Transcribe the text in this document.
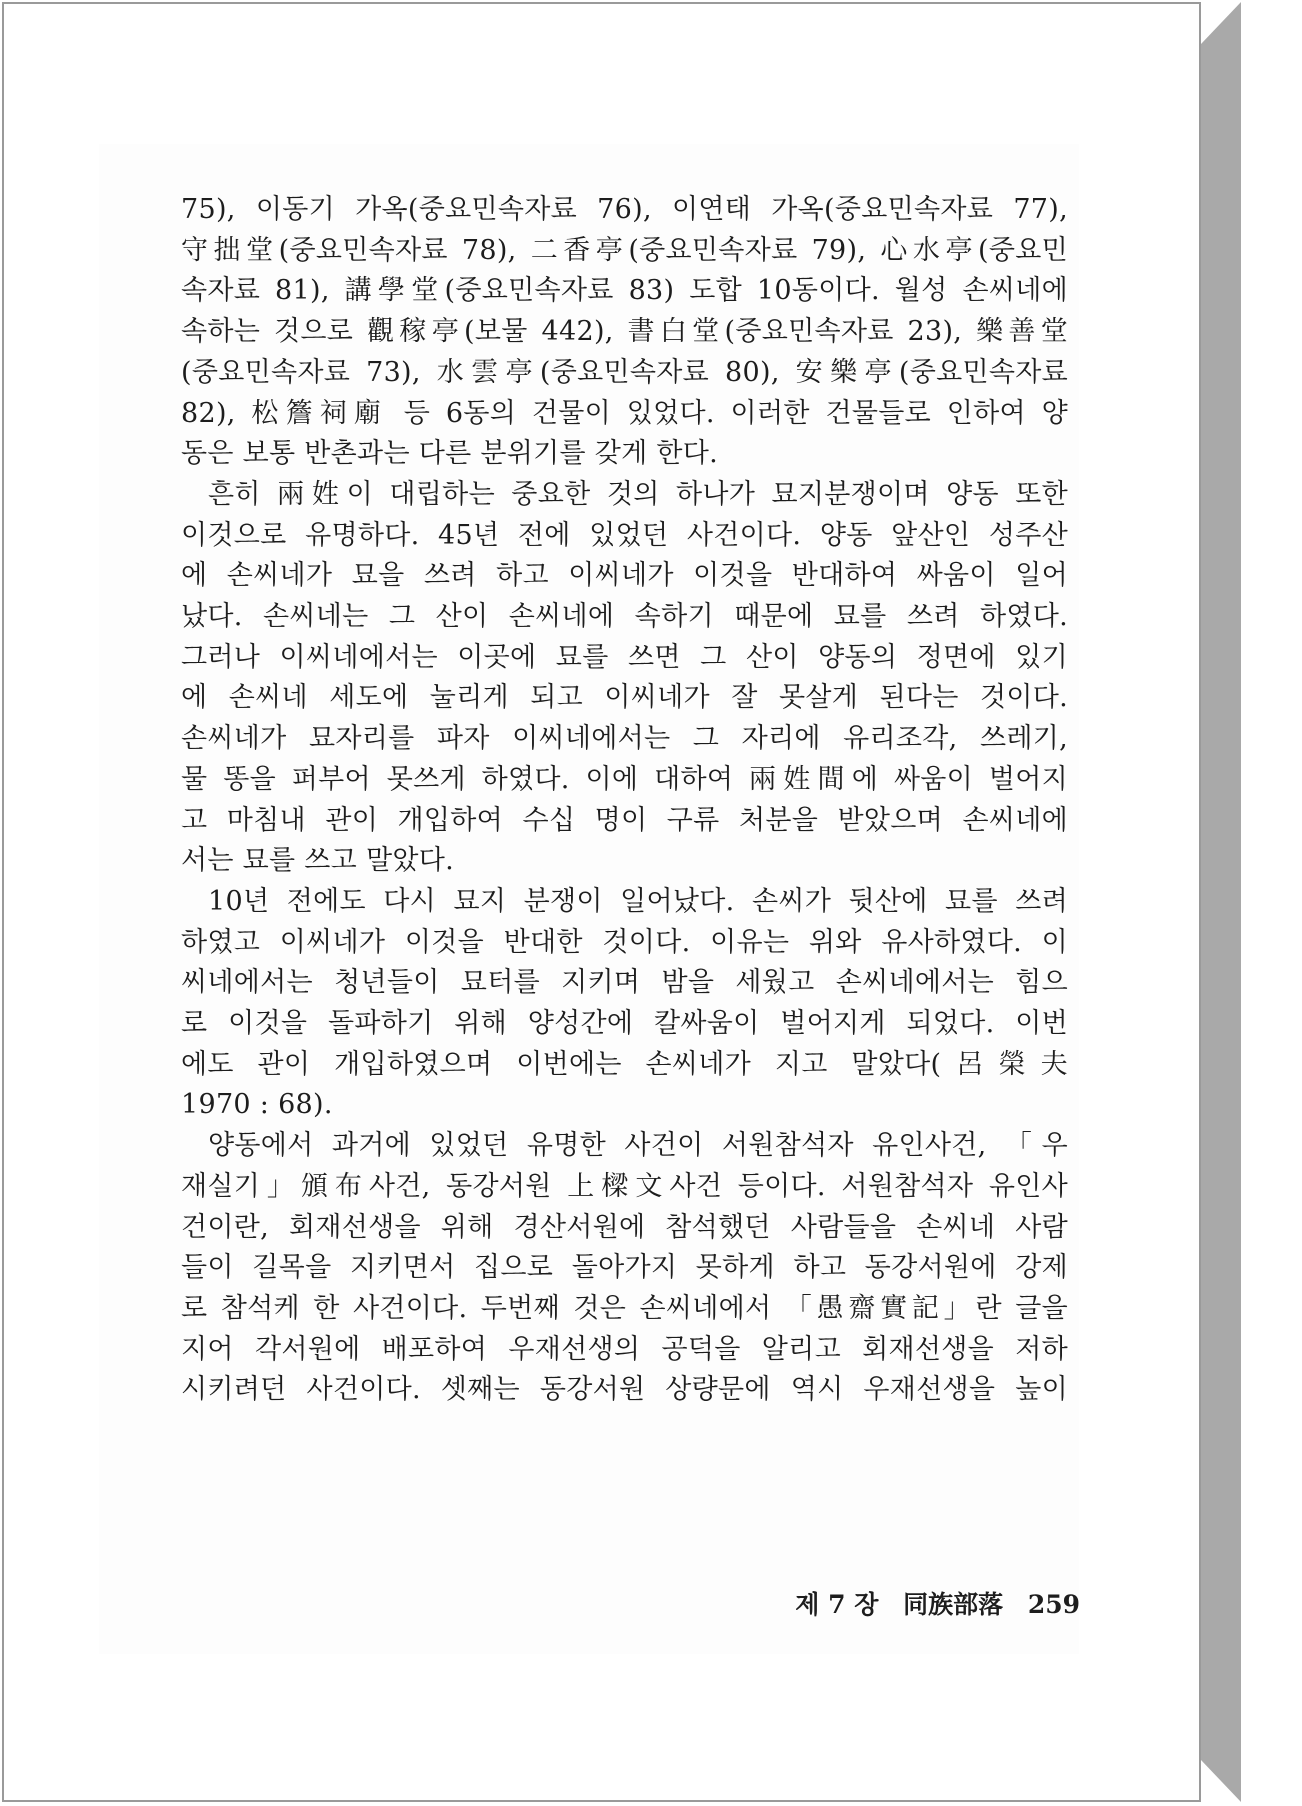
75), 이동기 가옥(중요민속자료 76), 이연태 가옥(중요민속자료 77),
守拙堂(중요민속자료 78), 二香亭(중요민속자료 79), 心水亭(중요민
속자료 81), 講學堂(중요민속자료 83) 도합 10동이다. 월성 손씨네에
속하는 것으로 觀稼亭(보물 442), 書白堂(중요민속자료 23), 樂善堂
(중요민속자료 73), 水雲亭(중요민속자료 80), 安樂亭(중요민속자료
82), 松簷祠廟 등 6동의 건물이 있었다. 이러한 건물들로 인하여 양
동은 보통 반촌과는 다른 분위기를 갖게 한다.
흔히 兩姓이 대립하는 중요한 것의 하나가 묘지분쟁이며 양동 또한
이것으로 유명하다. 45년 전에 있었던 사건이다. 양동 앞산인 성주산
에 손씨네가 묘을 쓰려 하고 이씨네가 이것을 반대하여 싸움이 일어
났다. 손씨네는 그 산이 손씨네에 속하기 때문에 묘를 쓰려 하였다.
그러나 이씨네에서는 이곳에 묘를 쓰면 그 산이 양동의 정면에 있기
에 손씨네 세도에 눌리게 되고 이씨네가 잘 못살게 된다는 것이다.
손씨네가 묘자리를 파자 이씨네에서는 그 자리에 유리조각, 쓰레기,
물 똥을 퍼부어 못쓰게 하였다. 이에 대하여 兩姓間에 싸움이 벌어지
고 마침내 관이 개입하여 수십 명이 구류 처분을 받았으며 손씨네에
서는 묘를 쓰고 말았다.
10년 전에도 다시 묘지 분쟁이 일어났다. 손씨가 뒷산에 묘를 쓰려
하였고 이씨네가 이것을 반대한 것이다. 이유는 위와 유사하였다. 이
씨네에서는 청년들이 묘터를 지키며 밤을 세웠고 손씨네에서는 힘으
로 이것을 돌파하기 위해 양성간에 칼싸움이 벌어지게 되었다. 이번
에도 관이 개입하였으며 이번에는 손씨네가 지고 말았다(呂榮夫
1970 : 68).
양동에서 과거에 있었던 유명한 사건이 서원참석자 유인사건, 「우
재실기」頒布사건, 동강서원 上樑文사건 등이다. 서원참석자 유인사
건이란, 회재선생을 위해 경산서원에 참석했던 사람들을 손씨네 사람
들이 길목을 지키면서 집으로 돌아가지 못하게 하고 동강서원에 강제
로 참석케 한 사건이다. 두번째 것은 손씨네에서 「愚齋實記」란 글을
지어 각서원에 배포하여 우재선생의 공덕을 알리고 회재선생을 저하
시키려던 사건이다. 셋째는 동강서원 상량문에 역시 우재선생을 높이
제 7 장 同族部落 259
